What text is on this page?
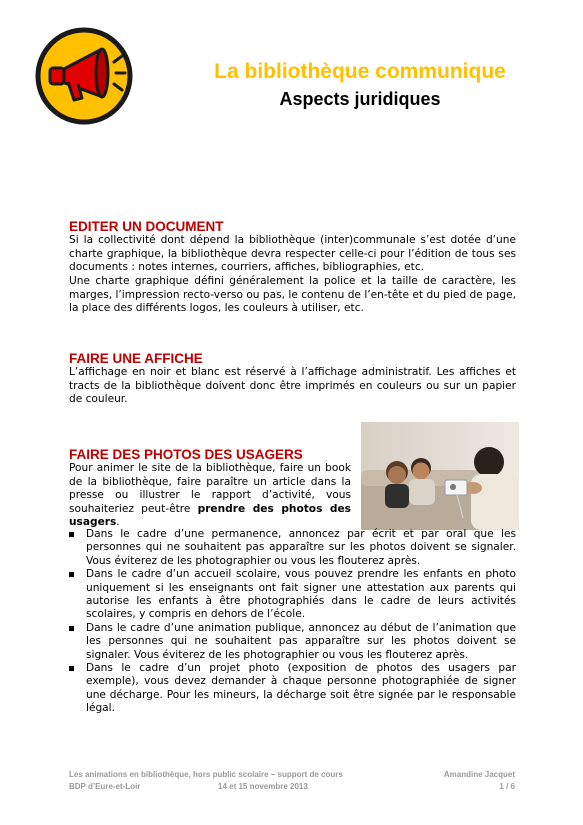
La bibliothèque communique
Aspects juridiques
EDITER UN DOCUMENT

Si la collectivité dont dépend la bibliothèque (inter)communale s’est dotée d’une charte graphique, la bibliothèque devra respecter celle-ci pour l’édition de tous ses documents : notes internes, courriers, affiches, bibliographies, etc.

Une charte graphique défini généralement la police et la taille de caractère, les marges, l’impression recto-verso ou pas, le contenu de l’en-tête et du pied de page, la place des différents logos, les couleurs à utiliser, etc.

FAIRE UNE AFFICHE

L’affichage en noir et blanc est réservé à l’affichage administratif. Les affiches et tracts de la bibliothèque doivent donc être imprimés en couleurs ou sur un papier de couleur.

FAIRE DES PHOTOS DES USAGERS

Pour animer le site de la bibliothèque, faire un book de la bibliothèque, faire paraître un article dans la presse ou illustrer le rapport d’activité, vous souhaiteriez peut-être prendre des photos des usagers.

Dans le cadre d’une permanence, annoncez par écrit et par oral que les personnes qui ne souhaitent pas apparaître sur les photos doivent se signaler. Vous éviterez de les photographier ou vous les flouterez après.
Dans le cadre d’un accueil scolaire, vous pouvez prendre les enfants en photo uniquement si les enseignants ont fait signer une attestation aux parents qui autorise les enfants à être photographiés dans le cadre de leurs activités scolaires, y compris en dehors de l’école.
Dans le cadre d’une animation publique, annoncez au début de l’animation que les personnes qui ne souhaitent pas apparaître sur les photos doivent se signaler. Vous éviterez de les photographier ou vous les flouterez après.
Dans le cadre d’un projet photo (exposition de photos des usagers par exemple), vous devez demander à chaque personne photographiée de signer une décharge. Pour les mineurs, la décharge soit être signée par le responsable légal.
Les animations en bibliothèque, hors public scolaire – support de cours	Amandine Jacquet
BDP d’Eure-et-Loir	14 et 15 novembre 2013	1 / 6
